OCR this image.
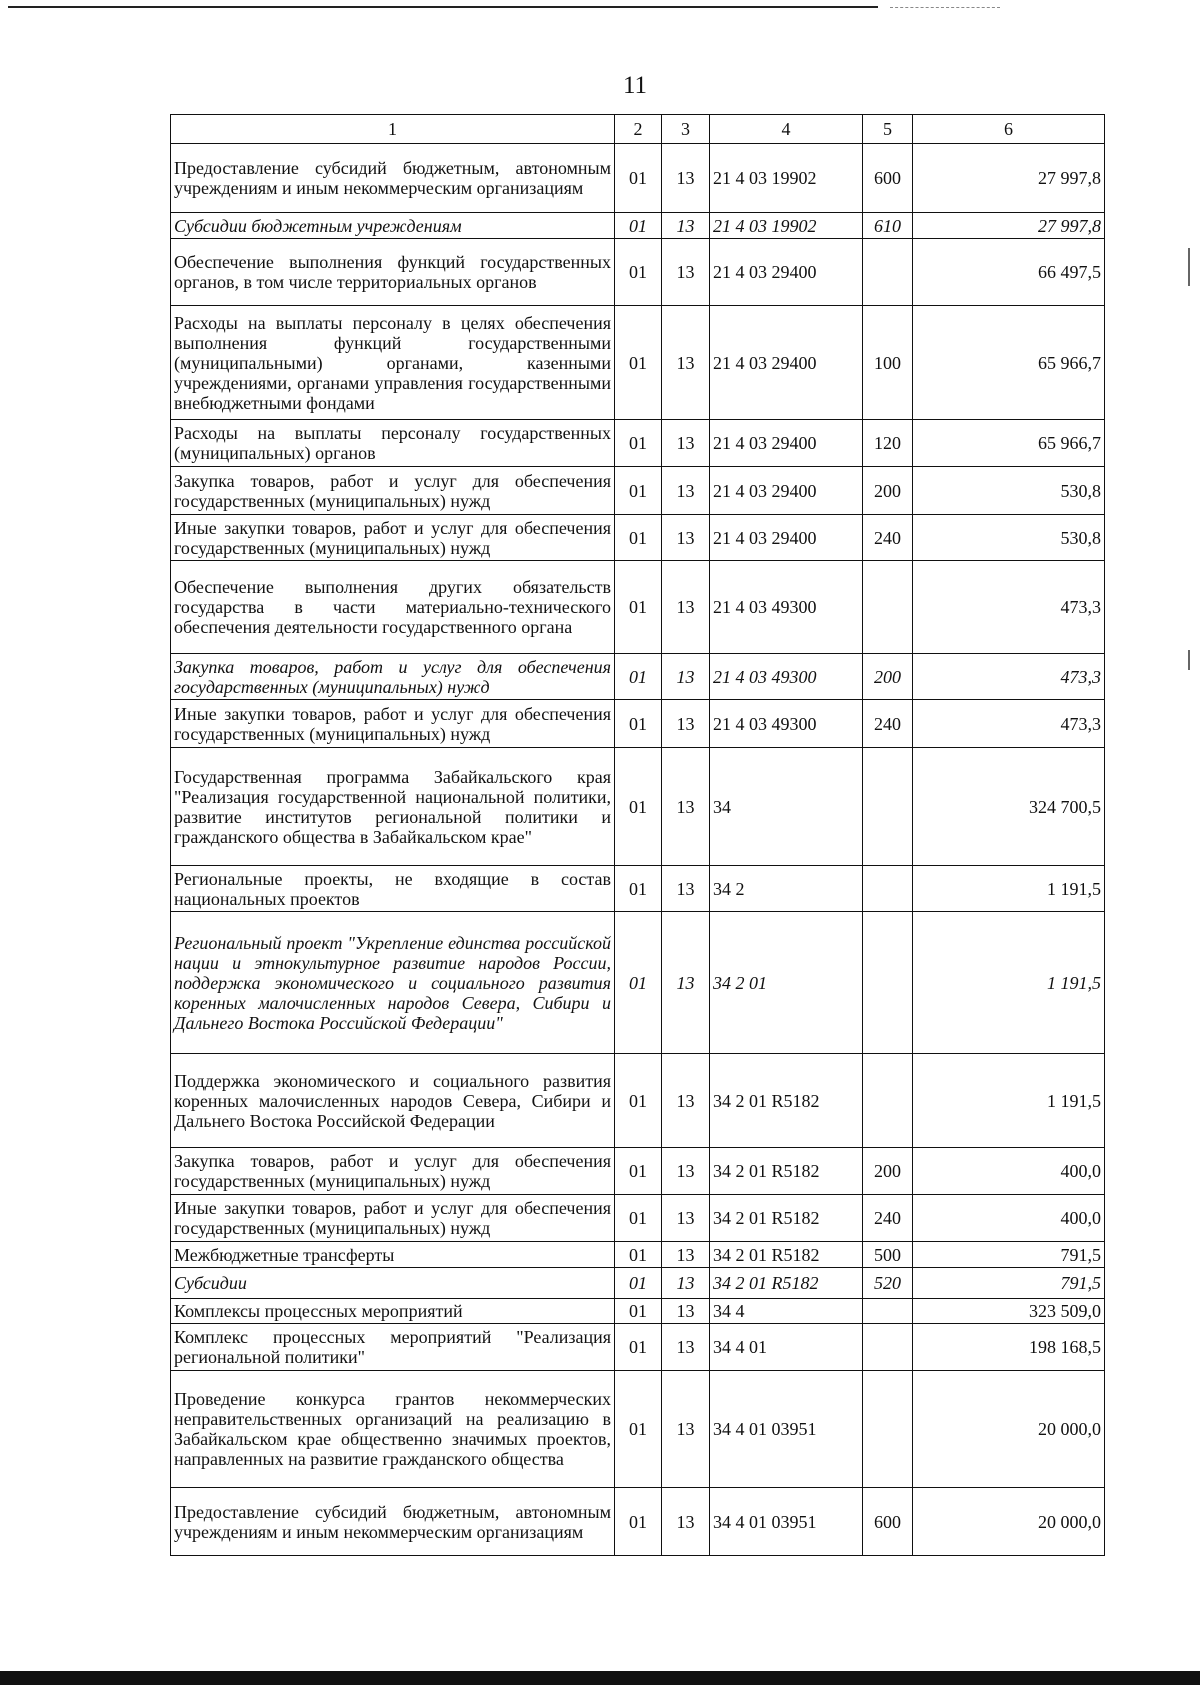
11
1	2	3	4	5	6
Предоставление субсидий бюджетным, автономным учреждениям и иным некоммерческим организациям	01	13	21 4 03 19902	600	27 997,8
Субсидии бюджетным учреждениям	01	13	21 4 03 19902	610	27 997,8
Обеспечение выполнения функций государственных органов, в том числе территориальных органов	01	13	21 4 03 29400		66 497,5
Расходы на выплаты персоналу в целях обеспечения выполнения функций государственными (муниципальными) органами, казенными учреждениями, органами управления государственными внебюджетными фондами	01	13	21 4 03 29400	100	65 966,7
Расходы на выплаты персоналу государственных (муниципальных) органов	01	13	21 4 03 29400	120	65 966,7
Закупка товаров, работ и услуг для обеспечения государственных (муниципальных) нужд	01	13	21 4 03 29400	200	530,8
Иные закупки товаров, работ и услуг для обеспечения государственных (муниципальных) нужд	01	13	21 4 03 29400	240	530,8
Обеспечение выполнения других обязательств государства в части материально-технического обеспечения деятельности государственного органа	01	13	21 4 03 49300		473,3
Закупка товаров, работ и услуг для обеспечения государственных (муниципальных) нужд	01	13	21 4 03 49300	200	473,3
Иные закупки товаров, работ и услуг для обеспечения государственных (муниципальных) нужд	01	13	21 4 03 49300	240	473,3
Государственная программа Забайкальского края "Реализация государственной национальной политики, развитие институтов региональной политики и гражданского общества в Забайкальском крае"	01	13	34		324 700,5
Региональные проекты, не входящие в состав национальных проектов	01	13	34 2		1 191,5
Региональный проект "Укрепление единства российской нации и этнокультурное развитие народов России, поддержка экономического и социального развития коренных малочисленных народов Севера, Сибири и Дальнего Востока Российской Федерации"	01	13	34 2 01		1 191,5
Поддержка экономического и социального развития коренных малочисленных народов Севера, Сибири и Дальнего Востока Российской Федерации	01	13	34 2 01 R5182		1 191,5
Закупка товаров, работ и услуг для обеспечения государственных (муниципальных) нужд	01	13	34 2 01 R5182	200	400,0
Иные закупки товаров, работ и услуг для обеспечения государственных (муниципальных) нужд	01	13	34 2 01 R5182	240	400,0
Межбюджетные трансферты	01	13	34 2 01 R5182	500	791,5
Субсидии	01	13	34 2 01 R5182	520	791,5
Комплексы процессных мероприятий	01	13	34 4		323 509,0
Комплекс процессных мероприятий "Реализация региональной политики"	01	13	34 4 01		198 168,5
Проведение конкурса грантов некоммерческих неправительственных организаций на реализацию в Забайкальском крае общественно значимых проектов, направленных на развитие гражданского общества	01	13	34 4 01 03951		20 000,0
Предоставление субсидий бюджетным, автономным учреждениям и иным некоммерческим организациям	01	13	34 4 01 03951	600	20 000,0
